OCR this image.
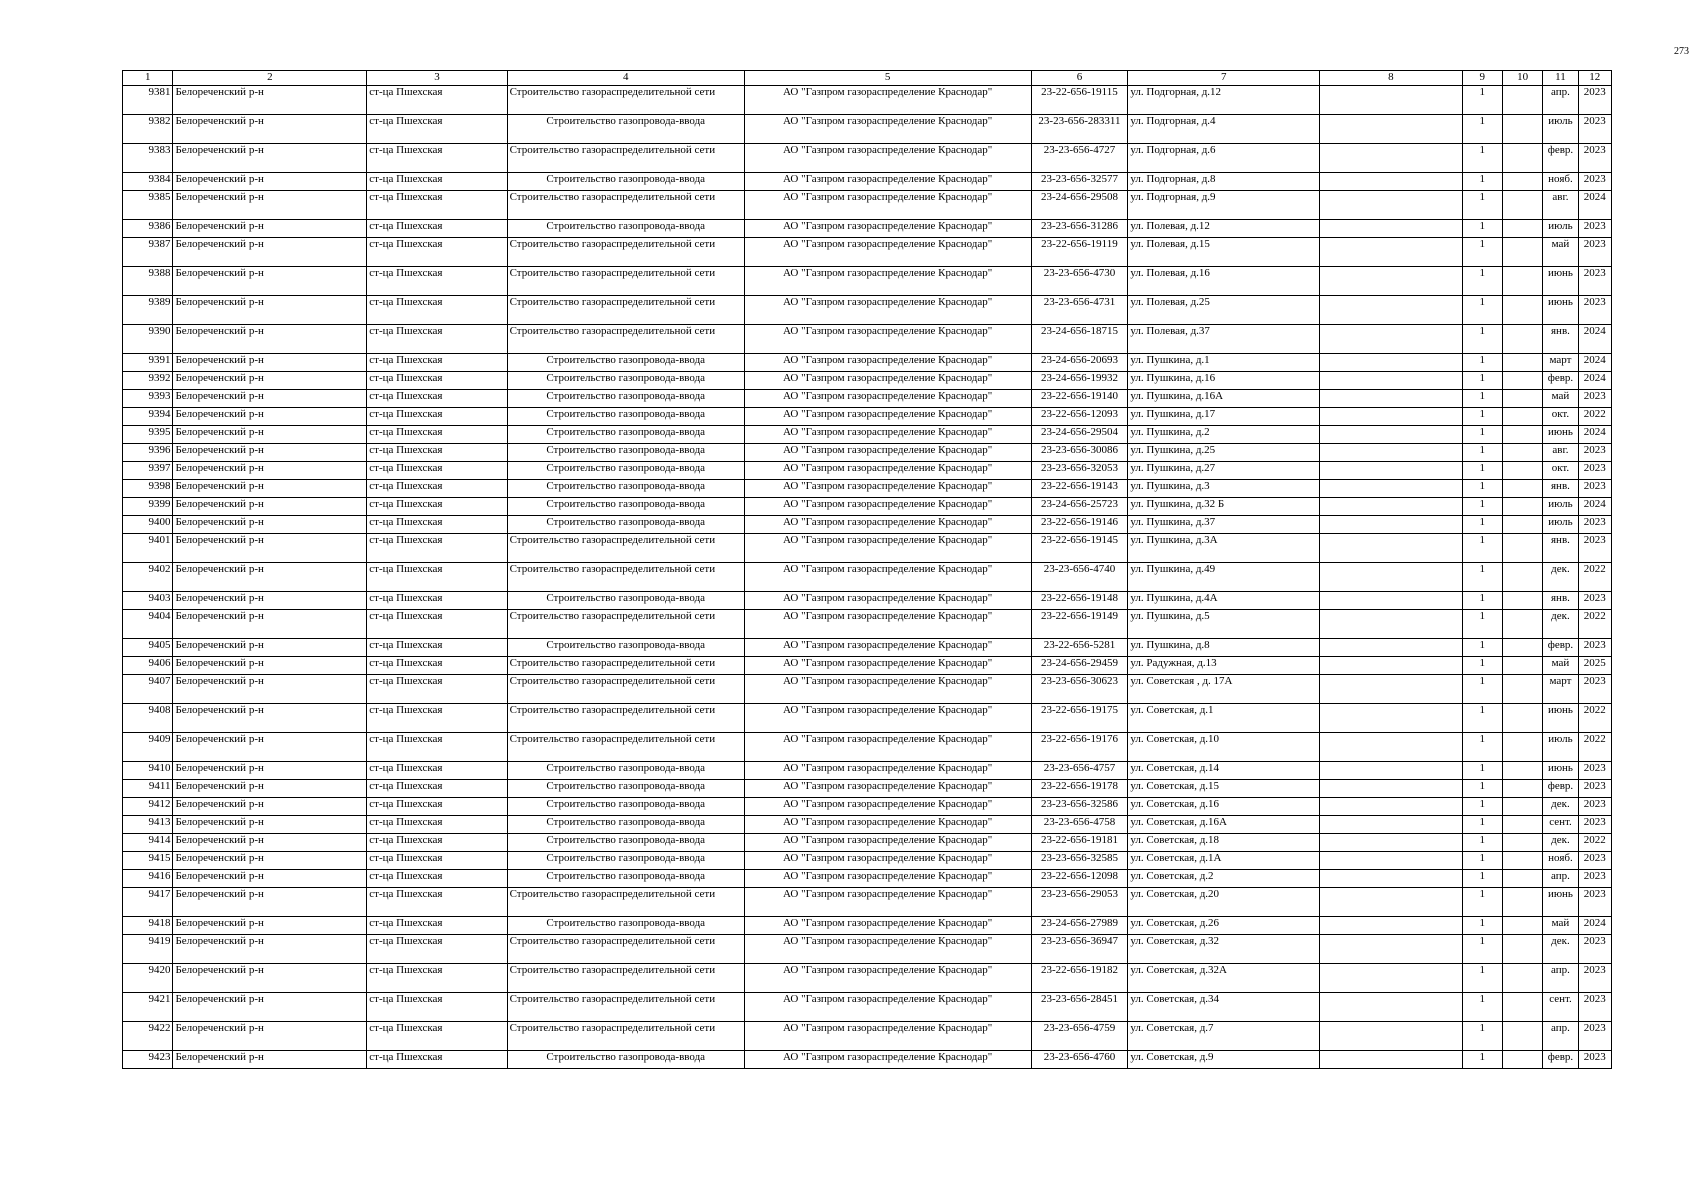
273
1	2	3	4	5	6	7	8	9	10	11	12
9381	Белореченский р-н	ст-ца Пшехская	Строительство газораспределительной сети	АО "Газпром газораспределение Краснодар"	23-22-656-19115	ул. Подгорная, д.12		1		апр.	2023
9382	Белореченский р-н	ст-ца Пшехская	Строительство газопровода-ввода	АО "Газпром газораспределение Краснодар"	23-23-656-283311	ул. Подгорная, д.4		1		июль	2023
9383	Белореченский р-н	ст-ца Пшехская	Строительство газораспределительной сети	АО "Газпром газораспределение Краснодар"	23-23-656-4727	ул. Подгорная, д.6		1		февр.	2023
9384	Белореченский р-н	ст-ца Пшехская	Строительство газопровода-ввода	АО "Газпром газораспределение Краснодар"	23-23-656-32577	ул. Подгорная, д.8		1		нояб.	2023
9385	Белореченский р-н	ст-ца Пшехская	Строительство газораспределительной сети	АО "Газпром газораспределение Краснодар"	23-24-656-29508	ул. Подгорная, д.9		1		авг.	2024
9386	Белореченский р-н	ст-ца Пшехская	Строительство газопровода-ввода	АО "Газпром газораспределение Краснодар"	23-23-656-31286	ул. Полевая, д.12		1		июль	2023
9387	Белореченский р-н	ст-ца Пшехская	Строительство газораспределительной сети	АО "Газпром газораспределение Краснодар"	23-22-656-19119	ул. Полевая, д.15		1		май	2023
9388	Белореченский р-н	ст-ца Пшехская	Строительство газораспределительной сети	АО "Газпром газораспределение Краснодар"	23-23-656-4730	ул. Полевая, д.16		1		июнь	2023
9389	Белореченский р-н	ст-ца Пшехская	Строительство газораспределительной сети	АО "Газпром газораспределение Краснодар"	23-23-656-4731	ул. Полевая, д.25		1		июнь	2023
9390	Белореченский р-н	ст-ца Пшехская	Строительство газораспределительной сети	АО "Газпром газораспределение Краснодар"	23-24-656-18715	ул. Полевая, д.37		1		янв.	2024
9391	Белореченский р-н	ст-ца Пшехская	Строительство газопровода-ввода	АО "Газпром газораспределение Краснодар"	23-24-656-20693	ул. Пушкина, д.1		1		март	2024
9392	Белореченский р-н	ст-ца Пшехская	Строительство газопровода-ввода	АО "Газпром газораспределение Краснодар"	23-24-656-19932	ул. Пушкина, д.16		1		февр.	2024
9393	Белореченский р-н	ст-ца Пшехская	Строительство газопровода-ввода	АО "Газпром газораспределение Краснодар"	23-22-656-19140	ул. Пушкина, д.16А		1		май	2023
9394	Белореченский р-н	ст-ца Пшехская	Строительство газопровода-ввода	АО "Газпром газораспределение Краснодар"	23-22-656-12093	ул. Пушкина, д.17		1		окт.	2022
9395	Белореченский р-н	ст-ца Пшехская	Строительство газопровода-ввода	АО "Газпром газораспределение Краснодар"	23-24-656-29504	ул. Пушкина, д.2		1		июнь	2024
9396	Белореченский р-н	ст-ца Пшехская	Строительство газопровода-ввода	АО "Газпром газораспределение Краснодар"	23-23-656-30086	ул. Пушкина, д.25		1		авг.	2023
9397	Белореченский р-н	ст-ца Пшехская	Строительство газопровода-ввода	АО "Газпром газораспределение Краснодар"	23-23-656-32053	ул. Пушкина, д.27		1		окт.	2023
9398	Белореченский р-н	ст-ца Пшехская	Строительство газопровода-ввода	АО "Газпром газораспределение Краснодар"	23-22-656-19143	ул. Пушкина, д.3		1		янв.	2023
9399	Белореченский р-н	ст-ца Пшехская	Строительство газопровода-ввода	АО "Газпром газораспределение Краснодар"	23-24-656-25723	ул. Пушкина, д.32 Б		1		июль	2024
9400	Белореченский р-н	ст-ца Пшехская	Строительство газопровода-ввода	АО "Газпром газораспределение Краснодар"	23-22-656-19146	ул. Пушкина, д.37		1		июль	2023
9401	Белореченский р-н	ст-ца Пшехская	Строительство газораспределительной сети	АО "Газпром газораспределение Краснодар"	23-22-656-19145	ул. Пушкина, д.3А		1		янв.	2023
9402	Белореченский р-н	ст-ца Пшехская	Строительство газораспределительной сети	АО "Газпром газораспределение Краснодар"	23-23-656-4740	ул. Пушкина, д.49		1		дек.	2022
9403	Белореченский р-н	ст-ца Пшехская	Строительство газопровода-ввода	АО "Газпром газораспределение Краснодар"	23-22-656-19148	ул. Пушкина, д.4А		1		янв.	2023
9404	Белореченский р-н	ст-ца Пшехская	Строительство газораспределительной сети	АО "Газпром газораспределение Краснодар"	23-22-656-19149	ул. Пушкина, д.5		1		дек.	2022
9405	Белореченский р-н	ст-ца Пшехская	Строительство газопровода-ввода	АО "Газпром газораспределение Краснодар"	23-22-656-5281	ул. Пушкина, д.8		1		февр.	2023
9406	Белореченский р-н	ст-ца Пшехская	Строительство газораспределительной сети	АО "Газпром газораспределение Краснодар"	23-24-656-29459	ул. Радужная, д.13		1		май	2025
9407	Белореченский р-н	ст-ца Пшехская	Строительство газораспределительной сети	АО "Газпром газораспределение Краснодар"	23-23-656-30623	ул. Советская , д. 17А		1		март	2023
9408	Белореченский р-н	ст-ца Пшехская	Строительство газораспределительной сети	АО "Газпром газораспределение Краснодар"	23-22-656-19175	ул. Советская, д.1		1		июнь	2022
9409	Белореченский р-н	ст-ца Пшехская	Строительство газораспределительной сети	АО "Газпром газораспределение Краснодар"	23-22-656-19176	ул. Советская, д.10		1		июль	2022
9410	Белореченский р-н	ст-ца Пшехская	Строительство газопровода-ввода	АО "Газпром газораспределение Краснодар"	23-23-656-4757	ул. Советская, д.14		1		июнь	2023
9411	Белореченский р-н	ст-ца Пшехская	Строительство газопровода-ввода	АО "Газпром газораспределение Краснодар"	23-22-656-19178	ул. Советская, д.15		1		февр.	2023
9412	Белореченский р-н	ст-ца Пшехская	Строительство газопровода-ввода	АО "Газпром газораспределение Краснодар"	23-23-656-32586	ул. Советская, д.16		1		дек.	2023
9413	Белореченский р-н	ст-ца Пшехская	Строительство газопровода-ввода	АО "Газпром газораспределение Краснодар"	23-23-656-4758	ул. Советская, д.16А		1		сент.	2023
9414	Белореченский р-н	ст-ца Пшехская	Строительство газопровода-ввода	АО "Газпром газораспределение Краснодар"	23-22-656-19181	ул. Советская, д.18		1		дек.	2022
9415	Белореченский р-н	ст-ца Пшехская	Строительство газопровода-ввода	АО "Газпром газораспределение Краснодар"	23-23-656-32585	ул. Советская, д.1А		1		нояб.	2023
9416	Белореченский р-н	ст-ца Пшехская	Строительство газопровода-ввода	АО "Газпром газораспределение Краснодар"	23-22-656-12098	ул. Советская, д.2		1		апр.	2023
9417	Белореченский р-н	ст-ца Пшехская	Строительство газораспределительной сети	АО "Газпром газораспределение Краснодар"	23-23-656-29053	ул. Советская, д.20		1		июнь	2023
9418	Белореченский р-н	ст-ца Пшехская	Строительство газопровода-ввода	АО "Газпром газораспределение Краснодар"	23-24-656-27989	ул. Советская, д.26		1		май	2024
9419	Белореченский р-н	ст-ца Пшехская	Строительство газораспределительной сети	АО "Газпром газораспределение Краснодар"	23-23-656-36947	ул. Советская, д.32		1		дек.	2023
9420	Белореченский р-н	ст-ца Пшехская	Строительство газораспределительной сети	АО "Газпром газораспределение Краснодар"	23-22-656-19182	ул. Советская, д.32А		1		апр.	2023
9421	Белореченский р-н	ст-ца Пшехская	Строительство газораспределительной сети	АО "Газпром газораспределение Краснодар"	23-23-656-28451	ул. Советская, д.34		1		сент.	2023
9422	Белореченский р-н	ст-ца Пшехская	Строительство газораспределительной сети	АО "Газпром газораспределение Краснодар"	23-23-656-4759	ул. Советская, д.7		1		апр.	2023
9423	Белореченский р-н	ст-ца Пшехская	Строительство газопровода-ввода	АО "Газпром газораспределение Краснодар"	23-23-656-4760	ул. Советская, д.9		1		февр.	2023
